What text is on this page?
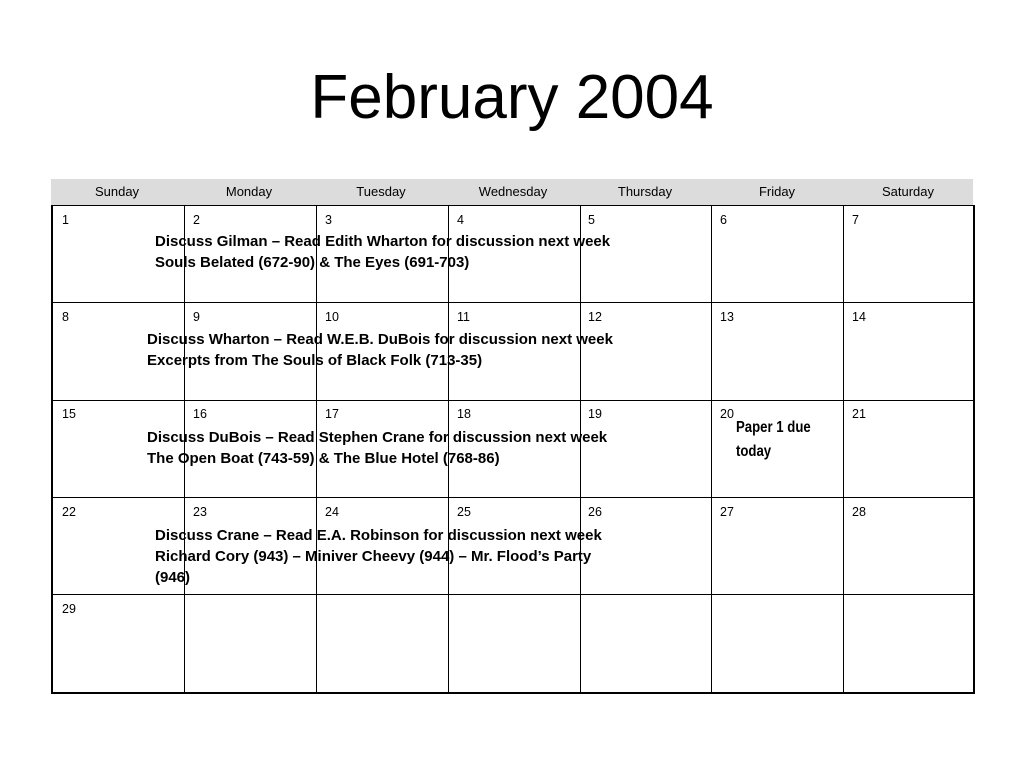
February 2004
Sunday	Monday	Tuesday	Wednesday	Thursday	Friday	Saturday
1	2	3	4	5	6	7
8	9	10	11	12	13	14
15	16	17	18	19	20	21
22	23	24	25	26	27	28
29
Discuss Gilman – Read Edith Wharton for discussion next week
Souls Belated (672-90) & The Eyes (691-703)
Discuss Wharton – Read W.E.B. DuBois for discussion next week
Excerpts from The Souls of Black Folk (713-35)
Discuss DuBois – Read Stephen Crane for discussion next week
The Open Boat (743-59) & The Blue Hotel (768-86)
Discuss Crane – Read E.A. Robinson for discussion next week
Richard Cory (943) – Miniver Cheevy (944) – Mr. Flood’s Party
(946)
Paper 1 due
today
